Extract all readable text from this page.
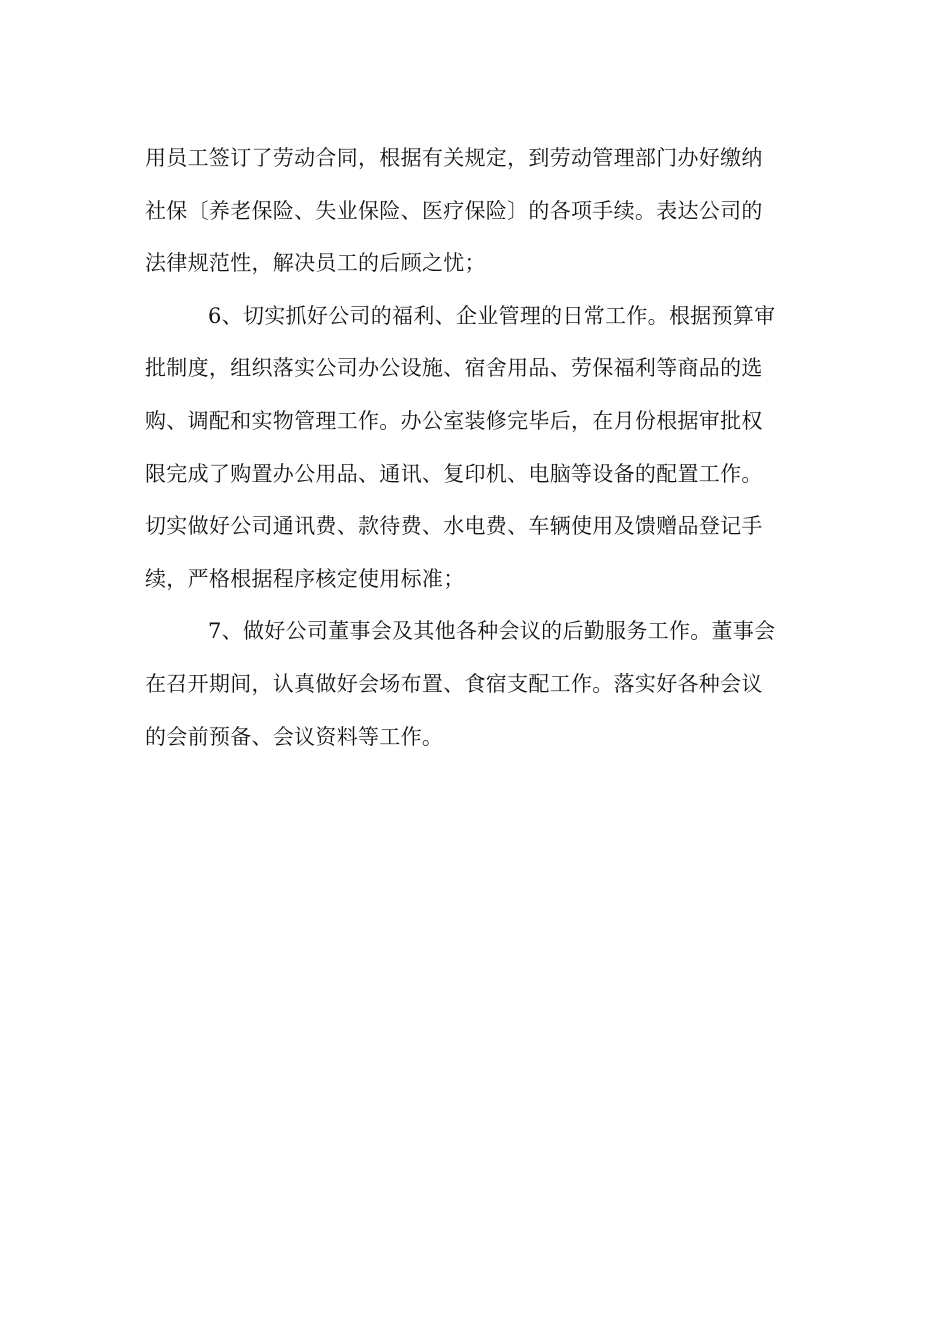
用员工签订了劳动合同，根据有关规定，到劳动管理部门办好缴纳
社保〔养老保险、失业保险、医疗保险〕的各项手续。表达公司的
法律规范性，解决员工的后顾之忧；
6、切实抓好公司的福利、企业管理的日常工作。根据预算审
批制度，组织落实公司办公设施、宿舍用品、劳保福利等商品的选
购、调配和实物管理工作。办公室装修完毕后，在月份根据审批权
限完成了购置办公用品、通讯、复印机、电脑等设备的配置工作。
切实做好公司通讯费、款待费、水电费、车辆使用及馈赠品登记手
续，严格根据程序核定使用标准；
7、做好公司董事会及其他各种会议的后勤服务工作。董事会
在召开期间，认真做好会场布置、食宿支配工作。落实好各种会议
的会前预备、会议资料等工作。
